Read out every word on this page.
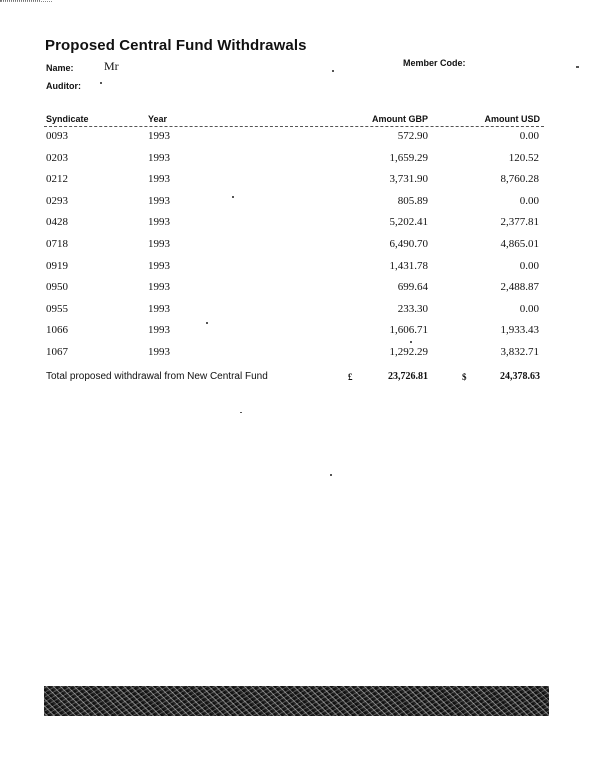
Proposed Central Fund Withdrawals
Name:	Mr	Member Code:
Auditor:
Syndicate	Year	Amount GBP	Amount USD
0093	1993	572.90	0.00
0203	1993	1,659.29	120.52
0212	1993	3,731.90	8,760.28
0293	1993	805.89	0.00
0428	1993	5,202.41	2,377.81
0718	1993	6,490.70	4,865.01
0919	1993	1,431.78	0.00
0950	1993	699.64	2,488.87
0955	1993	233.30	0.00
1066	1993	1,606.71	1,933.43
1067	1993	1,292.29	3,832.71
Total proposed withdrawal from New Central Fund	£	23,726.81	$	24,378.63
